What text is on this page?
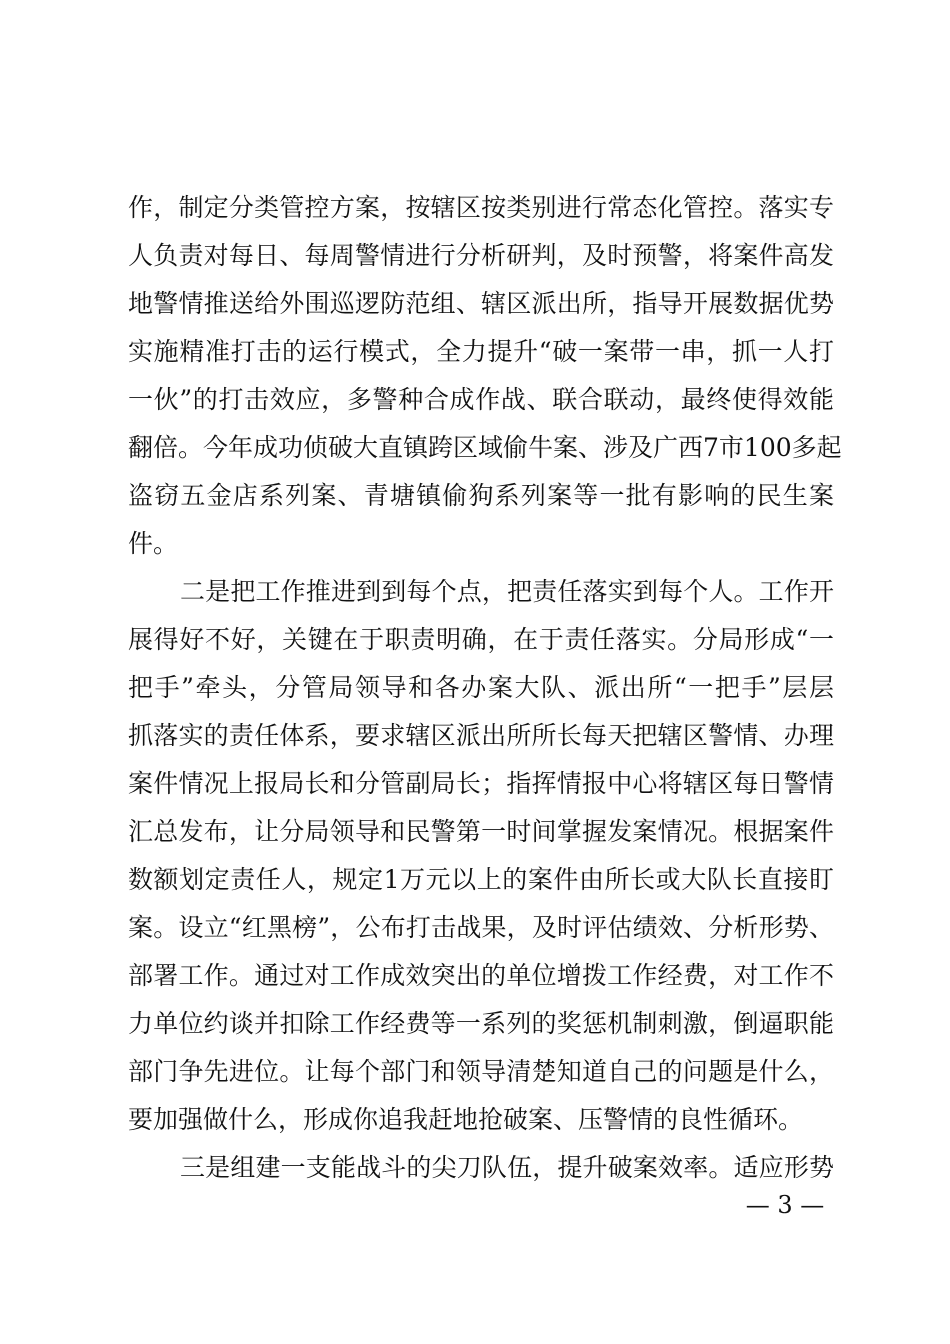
作，制定分类管控方案，按辖区按类别进行常态化管控。落实专
人负责对每日、每周警情进行分析研判，及时预警，将案件高发
地警情推送给外围巡逻防范组、辖区派出所，指导开展数据优势
实施精准打击的运行模式，全力提升“破一案带一串，抓一人打
一伙”的打击效应，多警种合成作战、联合联动，最终使得效能
翻倍。今年成功侦破大直镇跨区域偷牛案、涉及广西7市100多起
盗窃五金店系列案、青塘镇偷狗系列案等一批有影响的民生案
件。
二是把工作推进到到每个点，把责任落实到每个人。工作开
展得好不好，关键在于职责明确，在于责任落实。分局形成“一
把手”牵头，分管局领导和各办案大队、派出所“一把手”层层
抓落实的责任体系，要求辖区派出所所长每天把辖区警情、办理
案件情况上报局长和分管副局长；指挥情报中心将辖区每日警情
汇总发布，让分局领导和民警第一时间掌握发案情况。根据案件
数额划定责任人，规定1万元以上的案件由所长或大队长直接盯
案。设立“红黑榜”，公布打击战果，及时评估绩效、分析形势、
部署工作。通过对工作成效突出的单位增拨工作经费，对工作不
力单位约谈并扣除工作经费等一系列的奖惩机制刺激，倒逼职能
部门争先进位。让每个部门和领导清楚知道自己的问题是什么，
要加强做什么，形成你追我赶地抢破案、压警情的良性循环。
三是组建一支能战斗的尖刀队伍，提升破案效率。适应形势
— 3 —
